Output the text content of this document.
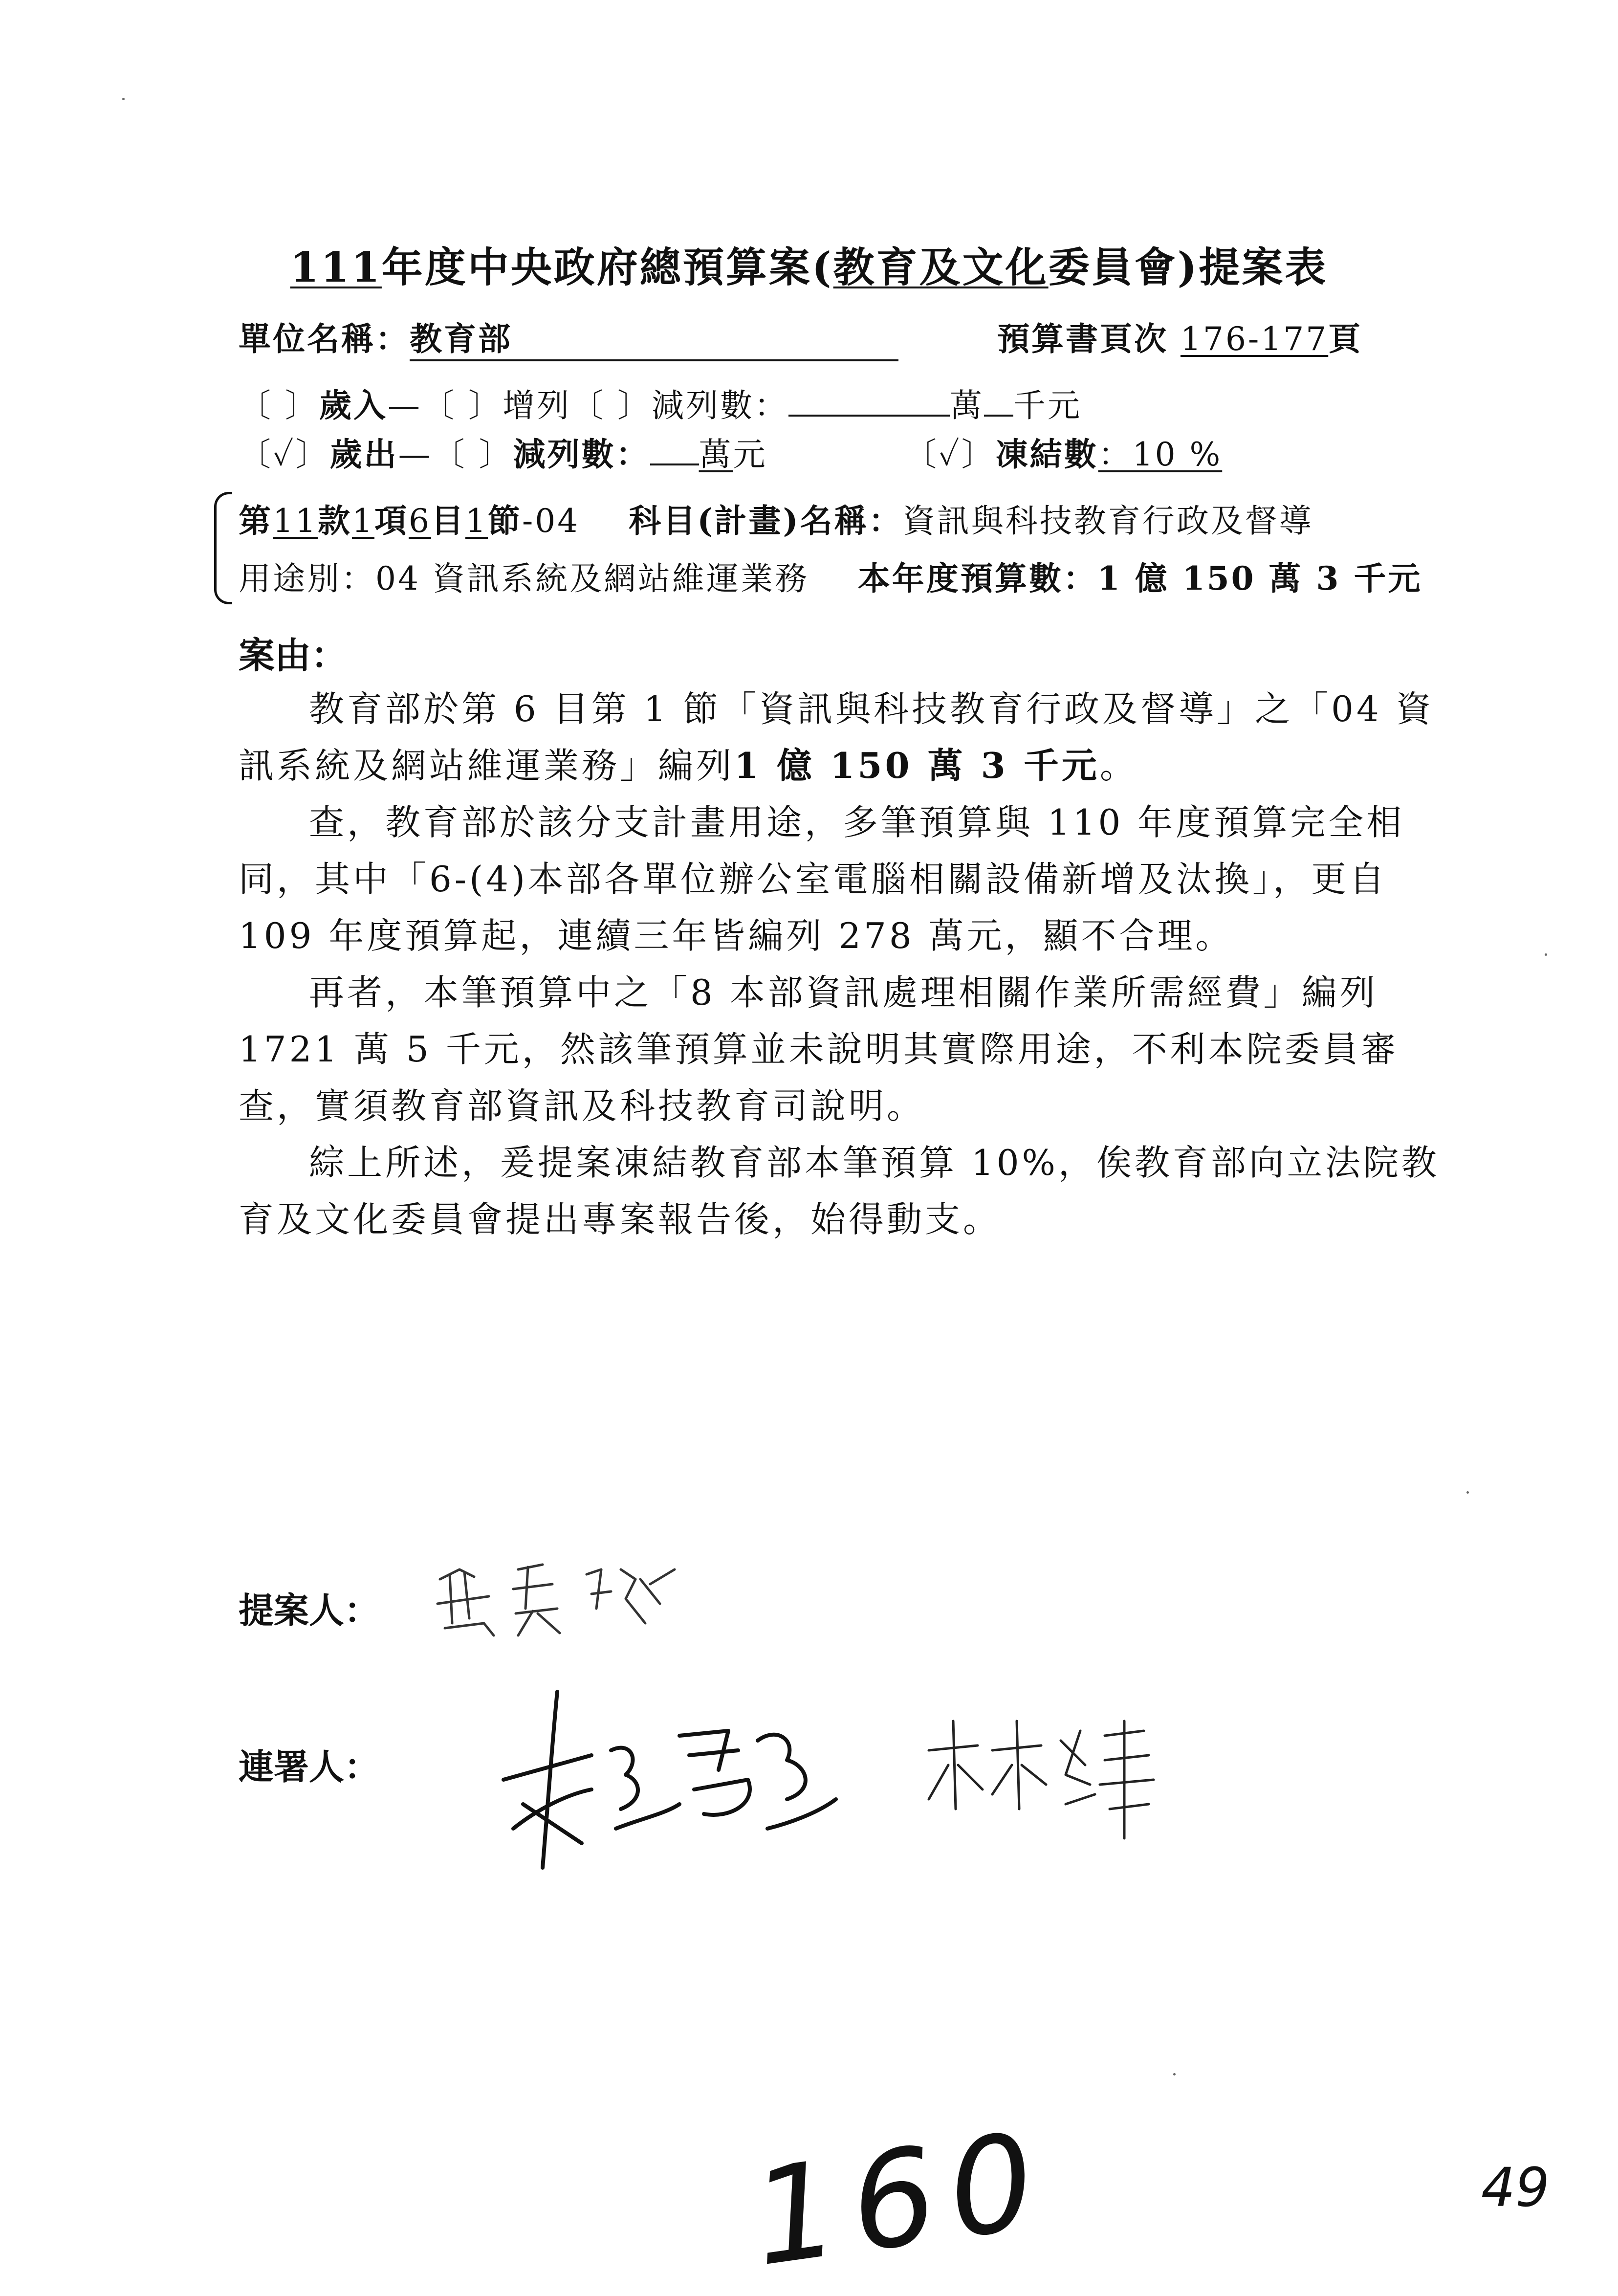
111年度中央政府總預算案(教育及文化委員會)提案表
單位名稱：教育部	預算書頁次 176-177頁
〔 〕歲入—〔 〕增列〔 〕減列數：	萬 千元
〔✓〕歲出—〔 〕減列數： 萬元	〔✓〕凍結數：10 %
第11款1項6目1節-04 科目(計畫)名稱：資訊與科技教育行政及督導
用途別：04 資訊系統及網站維運業務 本年度預算數：1 億 150 萬 3 千元
案由：

教育部於第 6 目第 1 節「資訊與科技教育行政及督導」之「04 資訊系統及網站維運業務」編列1 億 150 萬 3 千元。

查，教育部於該分支計畫用途，多筆預算與 110 年度預算完全相同，其中「6-(4)本部各單位辦公室電腦相關設備新增及汰換」，更自 109 年度預算起，連續三年皆編列 278 萬元，顯不合理。

再者，本筆預算中之「8 本部資訊處理相關作業所需經費」編列 1721 萬 5 千元，然該筆預算並未說明其實際用途，不利本院委員審查，實須教育部資訊及科技教育司說明。

綜上所述，爰提案凍結教育部本筆預算 10%，俟教育部向立法院教育及文化委員會提出專案報告後，始得動支。

提案人：
連署人：
160	49
